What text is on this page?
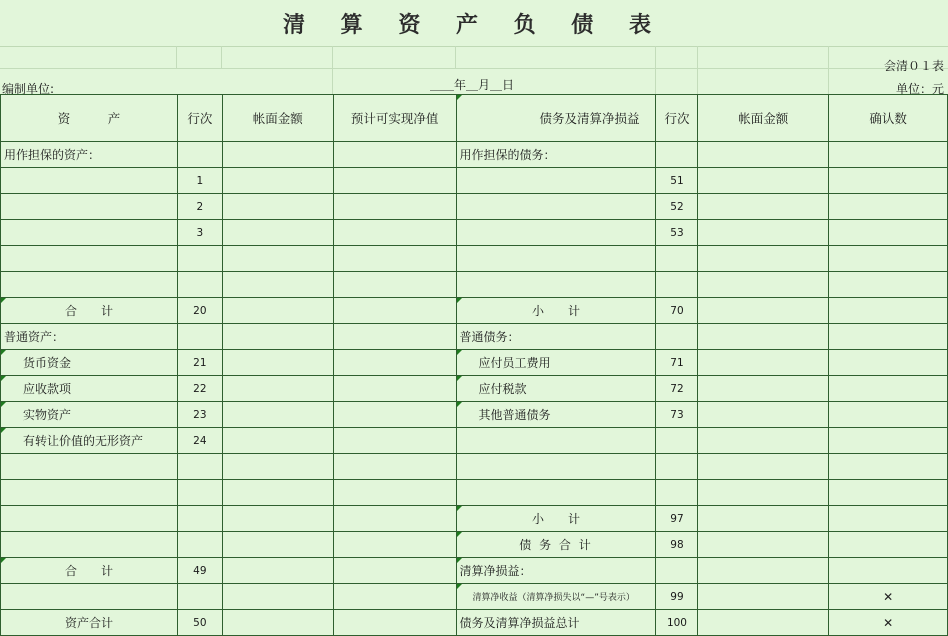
清 算 资 产 负 债 表
会清０１表
编制单位:	＿＿年＿月＿日	单位：元
资　　　产	行次	帐面金额	预计可实现净值	债务及清算净损益	行次	帐面金额	确认数
用作担保的资产：				用作担保的债务：			
	1				51		
	2				52		
	3				53		

合　　计	20			小　　计	70		
普通资产：				普通债务：			
货币资金	21			应付员工费用	71		
应收款项	22			应付税款	72		
实物资产	23			其他普通债务	73		
有转让价值的无形资产	24						

				小　　计	97		
				债 务 合 计	98		
合　　计	49			清算净损益：			
				清算净收益（清算净损失以“—”号表示）	99		✕
资产合计	50			债务及清算净损益总计	100		✕
